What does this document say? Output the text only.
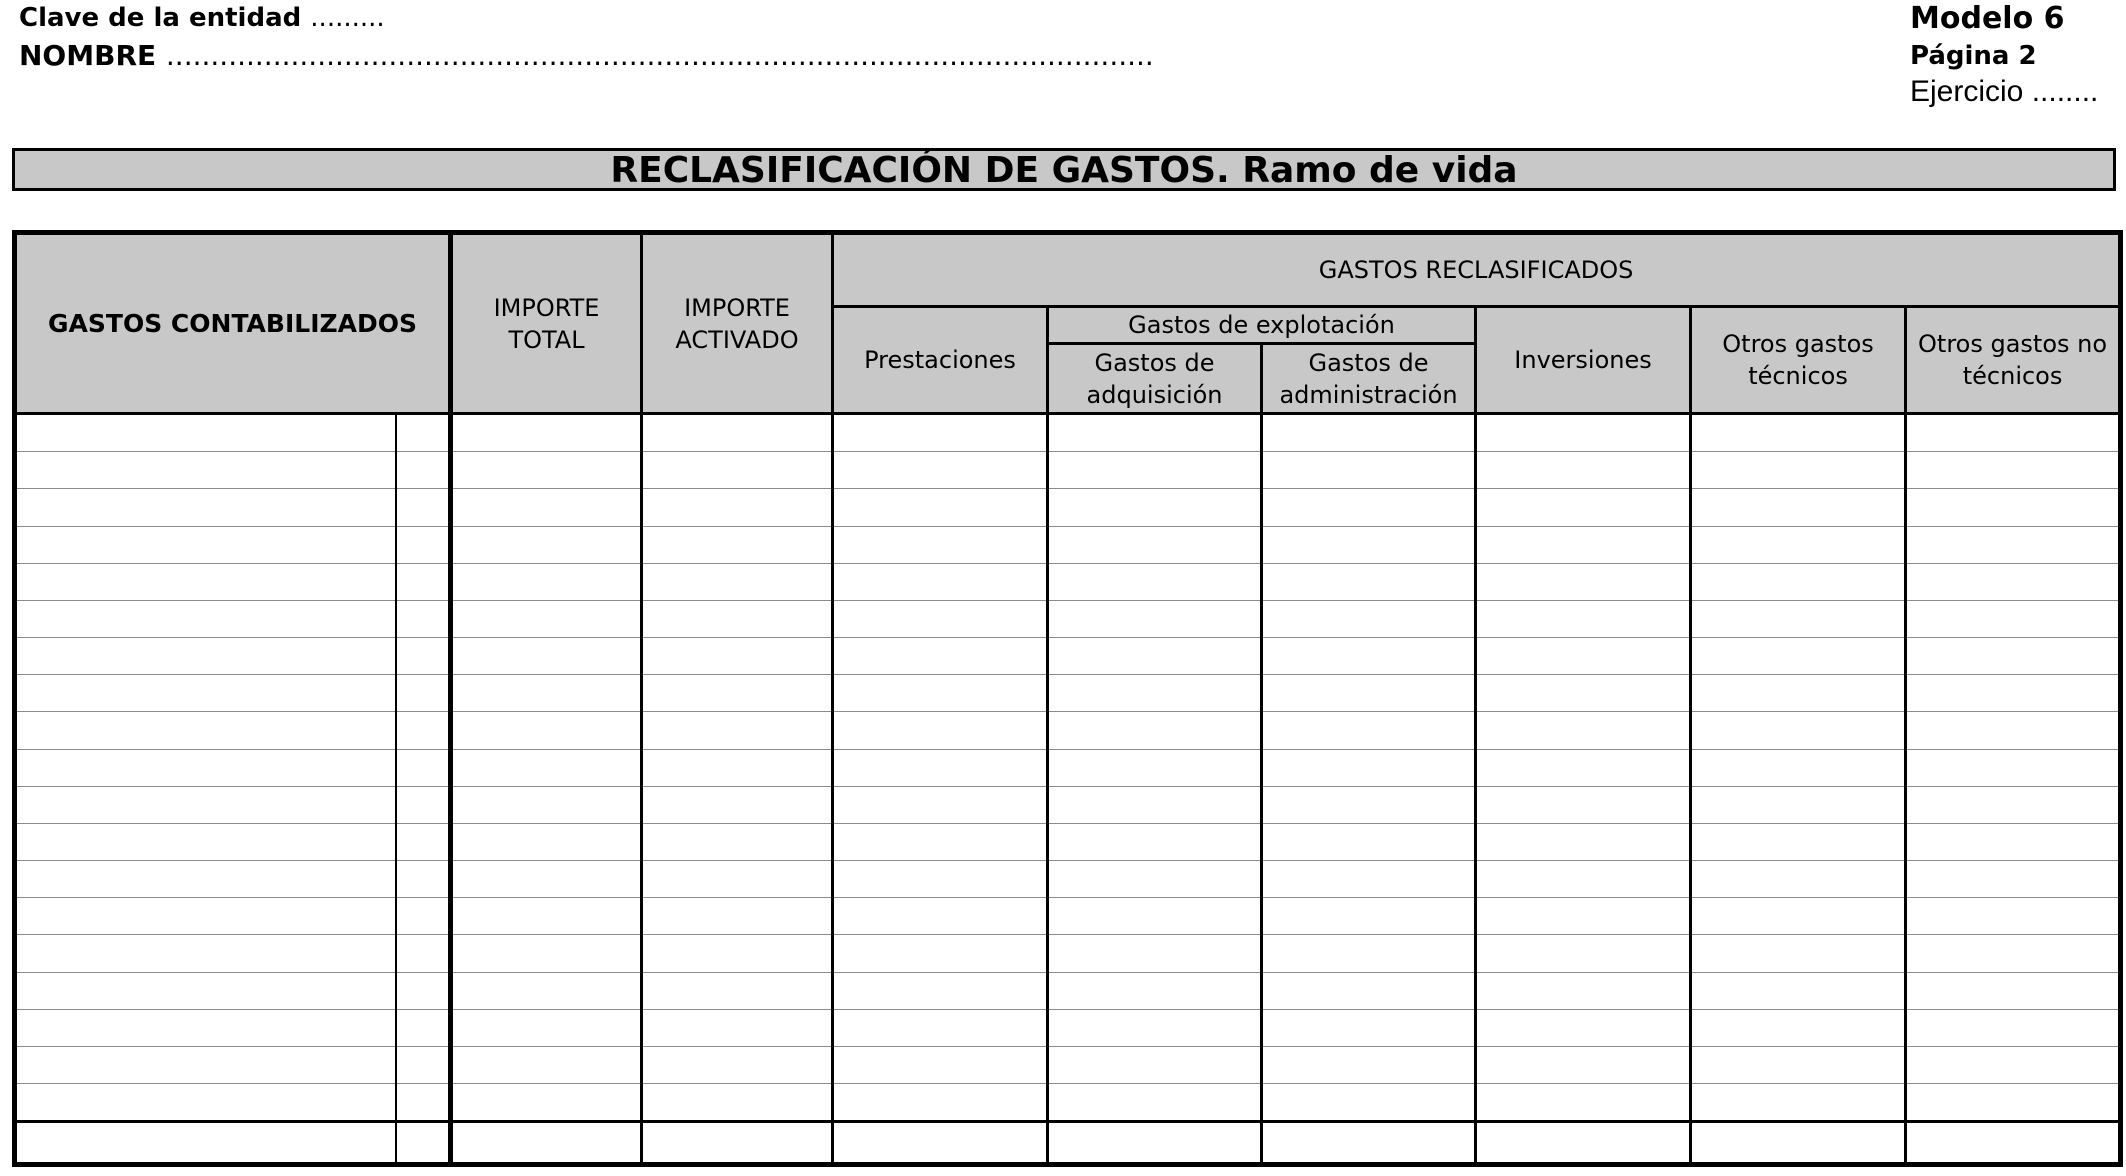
Clave de la entidad .........
NOMBRE ...............................................................................................................
Modelo 6
Página 2
Ejercicio ........
RECLASIFICACIÓN DE GASTOS. Ramo de vida
GASTOS CONTABILIZADOS		IMPORTE TOTAL	IMPORTE ACTIVADO	GASTOS RECLASIFICADOS					
				Prestaciones	Gastos de explotación		Inversiones	Otros gastos técnicos	Otros gastos no técnicos
					Gastos de adquisición	Gastos de administración			
